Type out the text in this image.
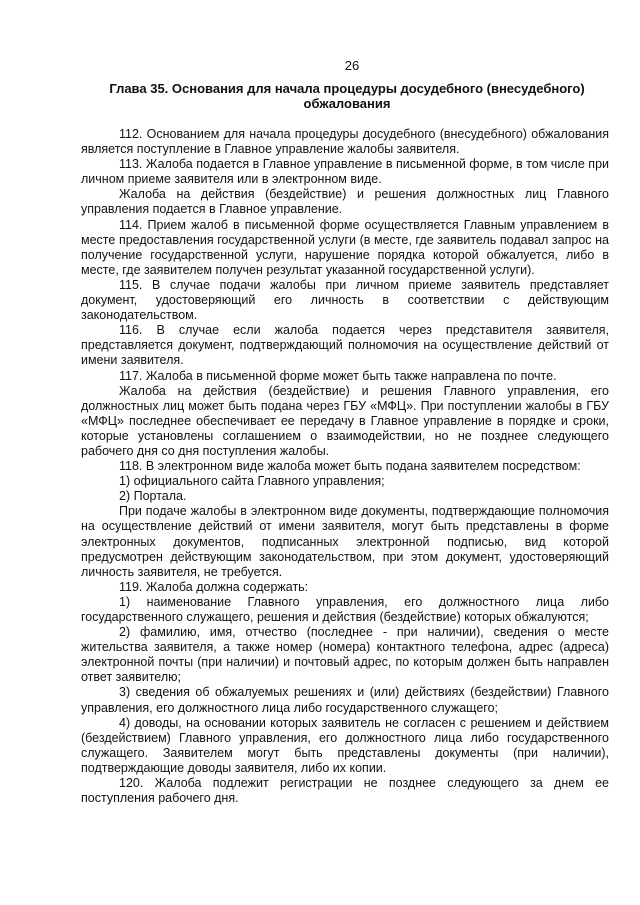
26
Глава 35. Основания для начала процедуры досудебного (внесудебного) обжалования

112. Основанием для начала процедуры досудебного (внесудебного) обжалования является поступление в Главное управление жалобы заявителя.

113. Жалоба подается в Главное управление в письменной форме, в том числе при личном приеме заявителя или в электронном виде.

Жалоба на действия (бездействие) и решения должностных лиц Главного управления подается в Главное управление.

114. Прием жалоб в письменной форме осуществляется Главным управлением в месте предоставления государственной услуги (в месте, где заявитель подавал запрос на получение государственной услуги, нарушение порядка которой обжалуется, либо в месте, где заявителем получен результат указанной государственной услуги).

115. В случае подачи жалобы при личном приеме заявитель представляет документ, удостоверяющий его личность в соответствии с действующим законодательством.

116. В случае если жалоба подается через представителя заявителя, представляется документ, подтверждающий полномочия на осуществление действий от имени заявителя.

117. Жалоба в письменной форме может быть также направлена по почте.

Жалоба на действия (бездействие) и решения Главного управления, его должностных лиц может быть подана через ГБУ «МФЦ». При поступлении жалобы в ГБУ «МФЦ» последнее обеспечивает ее передачу в Главное управление в порядке и сроки, которые установлены соглашением о взаимодействии, но не позднее следующего рабочего дня со дня поступления жалобы.

118. В электронном виде жалоба может быть подана заявителем посредством:

1) официального сайта Главного управления;

2) Портала.

При подаче жалобы в электронном виде документы, подтверждающие полномочия на осуществление действий от имени заявителя, могут быть представлены в форме электронных документов, подписанных электронной подписью, вид которой предусмотрен действующим законодательством, при этом документ, удостоверяющий личность заявителя, не требуется.

119. Жалоба должна содержать:

1) наименование Главного управления, его должностного лица либо государственного служащего, решения и действия (бездействие) которых обжалуются;

2) фамилию, имя, отчество (последнее - при наличии), сведения о месте жительства заявителя, а также номер (номера) контактного телефона, адрес (адреса) электронной почты (при наличии) и почтовый адрес, по которым должен быть направлен ответ заявителю;

3) сведения об обжалуемых решениях и (или) действиях (бездействии) Главного управления, его должностного лица либо государственного служащего;

4) доводы, на основании которых заявитель не согласен с решением и действием (бездействием) Главного управления, его должностного лица либо государственного служащего. Заявителем могут быть представлены документы (при наличии), подтверждающие доводы заявителя, либо их копии.

120. Жалоба подлежит регистрации не позднее следующего за днем ее поступления рабочего дня.
